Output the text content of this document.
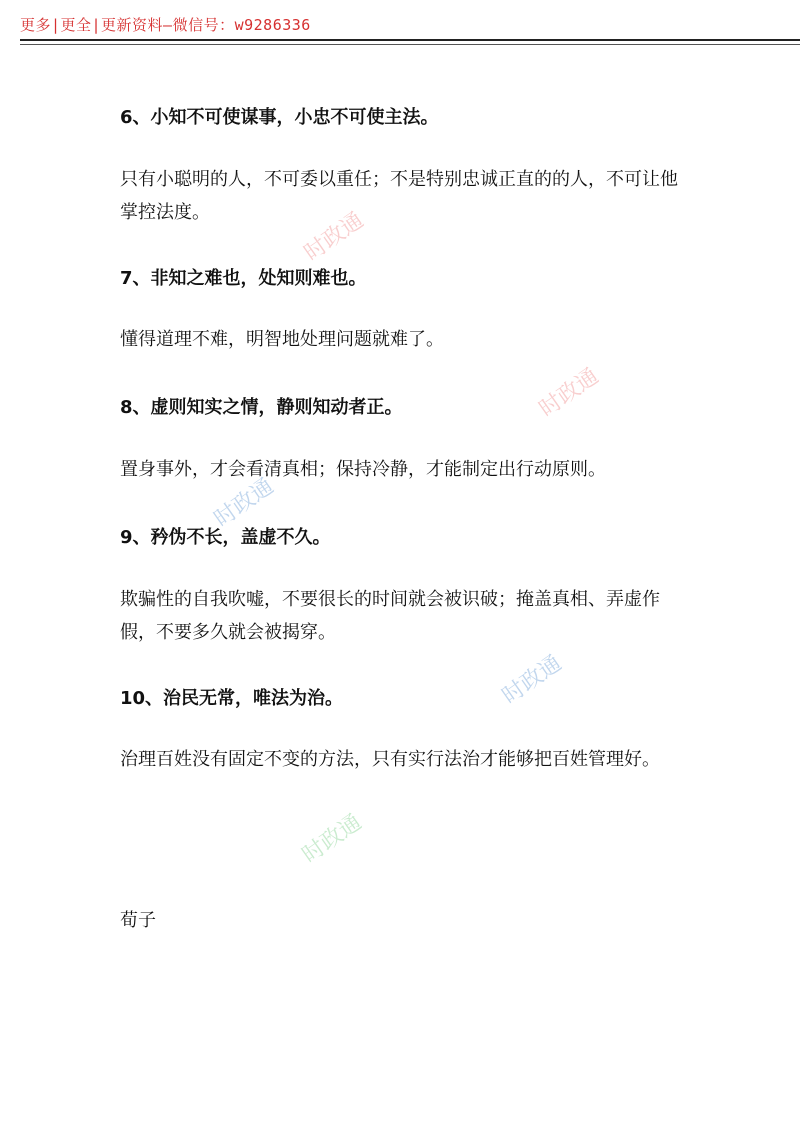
更多|更全|更新资料—微信号：w9286336
6、小知不可使谋事，小忠不可使主法。
只有小聪明的人，不可委以重任；不是特别忠诚正直的的人，不可让他掌控法度。
7、非知之难也，处知则难也。
懂得道理不难，明智地处理问题就难了。
8、虚则知实之情，静则知动者正。
置身事外，才会看清真相；保持冷静，才能制定出行动原则。
9、矜伪不长，盖虚不久。
欺骗性的自我吹嘘，不要很长的时间就会被识破；掩盖真相、弄虚作假，不要多久就会被揭穿。
10、治民无常，唯法为治。
治理百姓没有固定不变的方法，只有实行法治才能够把百姓管理好。
荀子
时政通
时政通
时政通
时政通
时政通
